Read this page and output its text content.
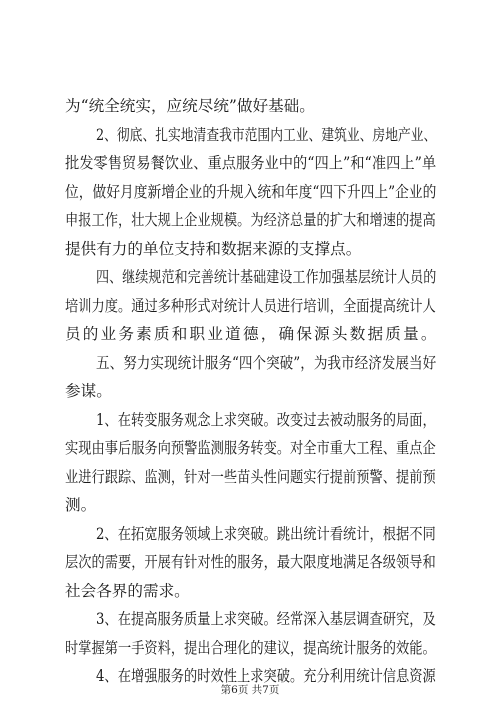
为“统全统实，应统尽统”做好基础。
2、彻底、扎实地清查我市范围内工业、建筑业、房地产业、
批发零售贸易餐饮业、重点服务业中的“四上”和“准四上”单
位，做好月度新增企业的升规入统和年度“四下升四上”企业的
申报工作，壮大规上企业规模。为经济总量的扩大和增速的提高
提供有力的单位支持和数据来源的支撑点。
四、继续规范和完善统计基础建设工作加强基层统计人员的
培训力度。通过多种形式对统计人员进行培训，全面提高统计人
员的业务素质和职业道德，确保源头数据质量。
五、努力实现统计服务“四个突破”，为我市经济发展当好
参谋。
1、在转变服务观念上求突破。改变过去被动服务的局面，
实现由事后服务向预警监测服务转变。对全市重大工程、重点企
业进行跟踪、监测，针对一些苗头性问题实行提前预警、提前预
测。
2、在拓宽服务领域上求突破。跳出统计看统计，根据不同
层次的需要，开展有针对性的服务，最大限度地满足各级领导和
社会各界的需求。
3、在提高服务质量上求突破。经常深入基层调查研究，及
时掌握第一手资料，提出合理化的建议，提高统计服务的效能。
4、在增强服务的时效性上求突破。充分利用统计信息资源
第6页 共7页
